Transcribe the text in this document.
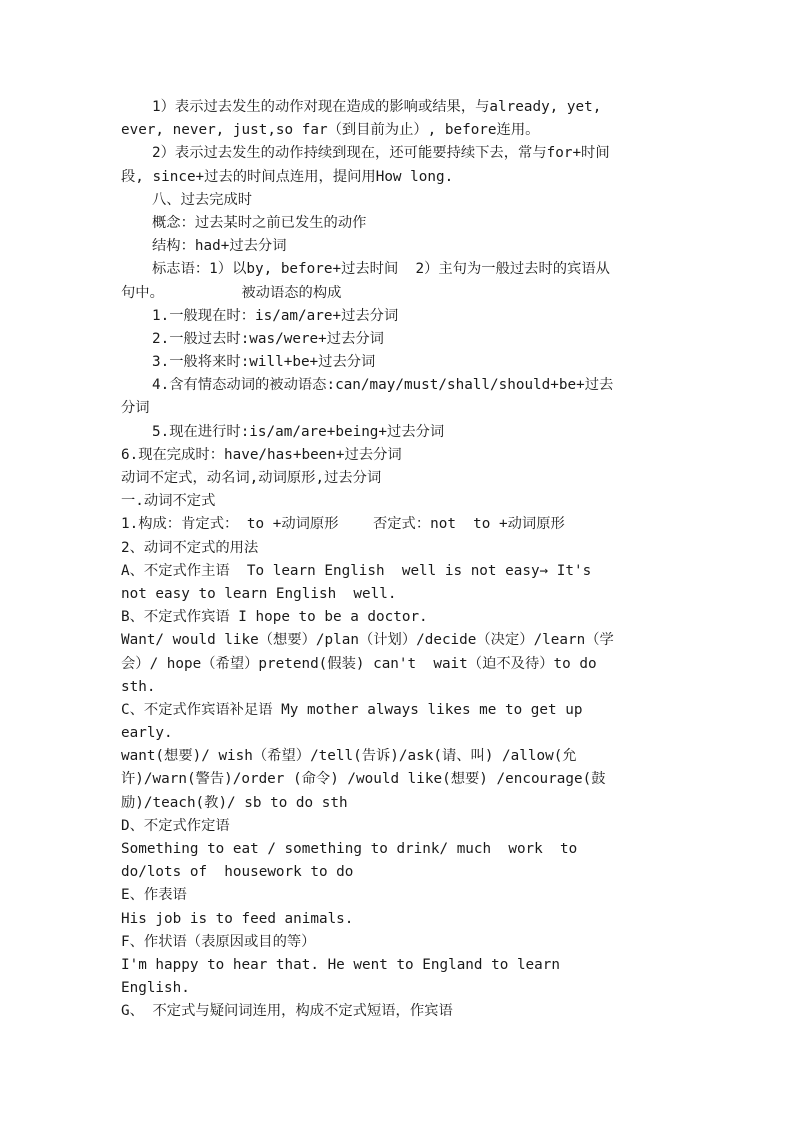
1）表示过去发生的动作对现在造成的影响或结果，与already, yet,

ever, never, just,so far（到目前为止）, before连用。

2）表示过去发生的动作持续到现在，还可能要持续下去，常与for+时间

段, since+过去的时间点连用，提问用How long.

八、过去完成时

概念：过去某时之前已发生的动作

结构：had+过去分词

标志语：1）以by, before+过去时间  2）主句为一般过去时的宾语从

句中。         被动语态的构成

1.一般现在时：is/am/are+过去分词

2.一般过去时:was/were+过去分词

3.一般将来时:will+be+过去分词

4.含有情态动词的被动语态:can/may/must/shall/should+be+过去

分词

5.现在进行时:is/am/are+being+过去分词

6.现在完成时：have/has+been+过去分词

动词不定式，动名词,动词原形,过去分词

一.动词不定式

1.构成：肯定式： to +动词原形    否定式：not  to +动词原形

2、动词不定式的用法

A、不定式作主语  To learn English  well is not easy→ It's

not easy to learn English  well.

B、不定式作宾语 I hope to be a doctor.

Want/ would like（想要）/plan（计划）/decide（决定）/learn（学

会）/ hope（希望）pretend(假装) can't  wait（迫不及待）to do

sth.

C、不定式作宾语补足语 My mother always likes me to get up

early.

want(想要)/ wish（希望）/tell(告诉)/ask(请、叫) /allow(允

许)/warn(警告)/order (命令) /would like(想要) /encourage(鼓

励)/teach(教)/ sb to do sth

D、不定式作定语

Something to eat / something to drink/ much  work  to

do/lots of  housework to do

E、作表语

His job is to feed animals.

F、作状语（表原因或目的等）

I'm happy to hear that. He went to England to learn

English.

G、 不定式与疑问词连用，构成不定式短语，作宾语
